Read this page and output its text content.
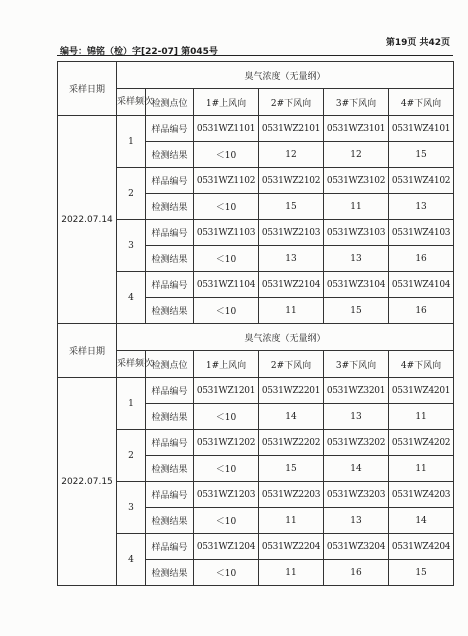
第19页 共42页
编号：锦铭（检）字[22-07] 第045号
采样日期	臭气浓度（无量纲）					
	采样频次	检测点位	1#上风向	2#下风向	3#下风向	4#下风向
2022.07.14	1	样品编号	0531WZ1101	0531WZ2101	0531WZ3101	0531WZ4101
		检测结果	＜10	12	12	15
	2	样品编号	0531WZ1102	0531WZ2102	0531WZ3102	0531WZ4102
		检测结果	＜10	15	11	13
	3	样品编号	0531WZ1103	0531WZ2103	0531WZ3103	0531WZ4103
		检测结果	＜10	13	13	16
	4	样品编号	0531WZ1104	0531WZ2104	0531WZ3104	0531WZ4104
		检测结果	＜10	11	15	16
采样日期	臭气浓度（无量纲）					
	采样频次	检测点位	1#上风向	2#下风向	3#下风向	4#下风向
2022.07.15	1	样品编号	0531WZ1201	0531WZ2201	0531WZ3201	0531WZ4201
		检测结果	＜10	14	13	11
	2	样品编号	0531WZ1202	0531WZ2202	0531WZ3202	0531WZ4202
		检测结果	＜10	15	14	11
	3	样品编号	0531WZ1203	0531WZ2203	0531WZ3203	0531WZ4203
		检测结果	＜10	11	13	14
	4	样品编号	0531WZ1204	0531WZ2204	0531WZ3204	0531WZ4204
		检测结果	＜10	11	16	15
